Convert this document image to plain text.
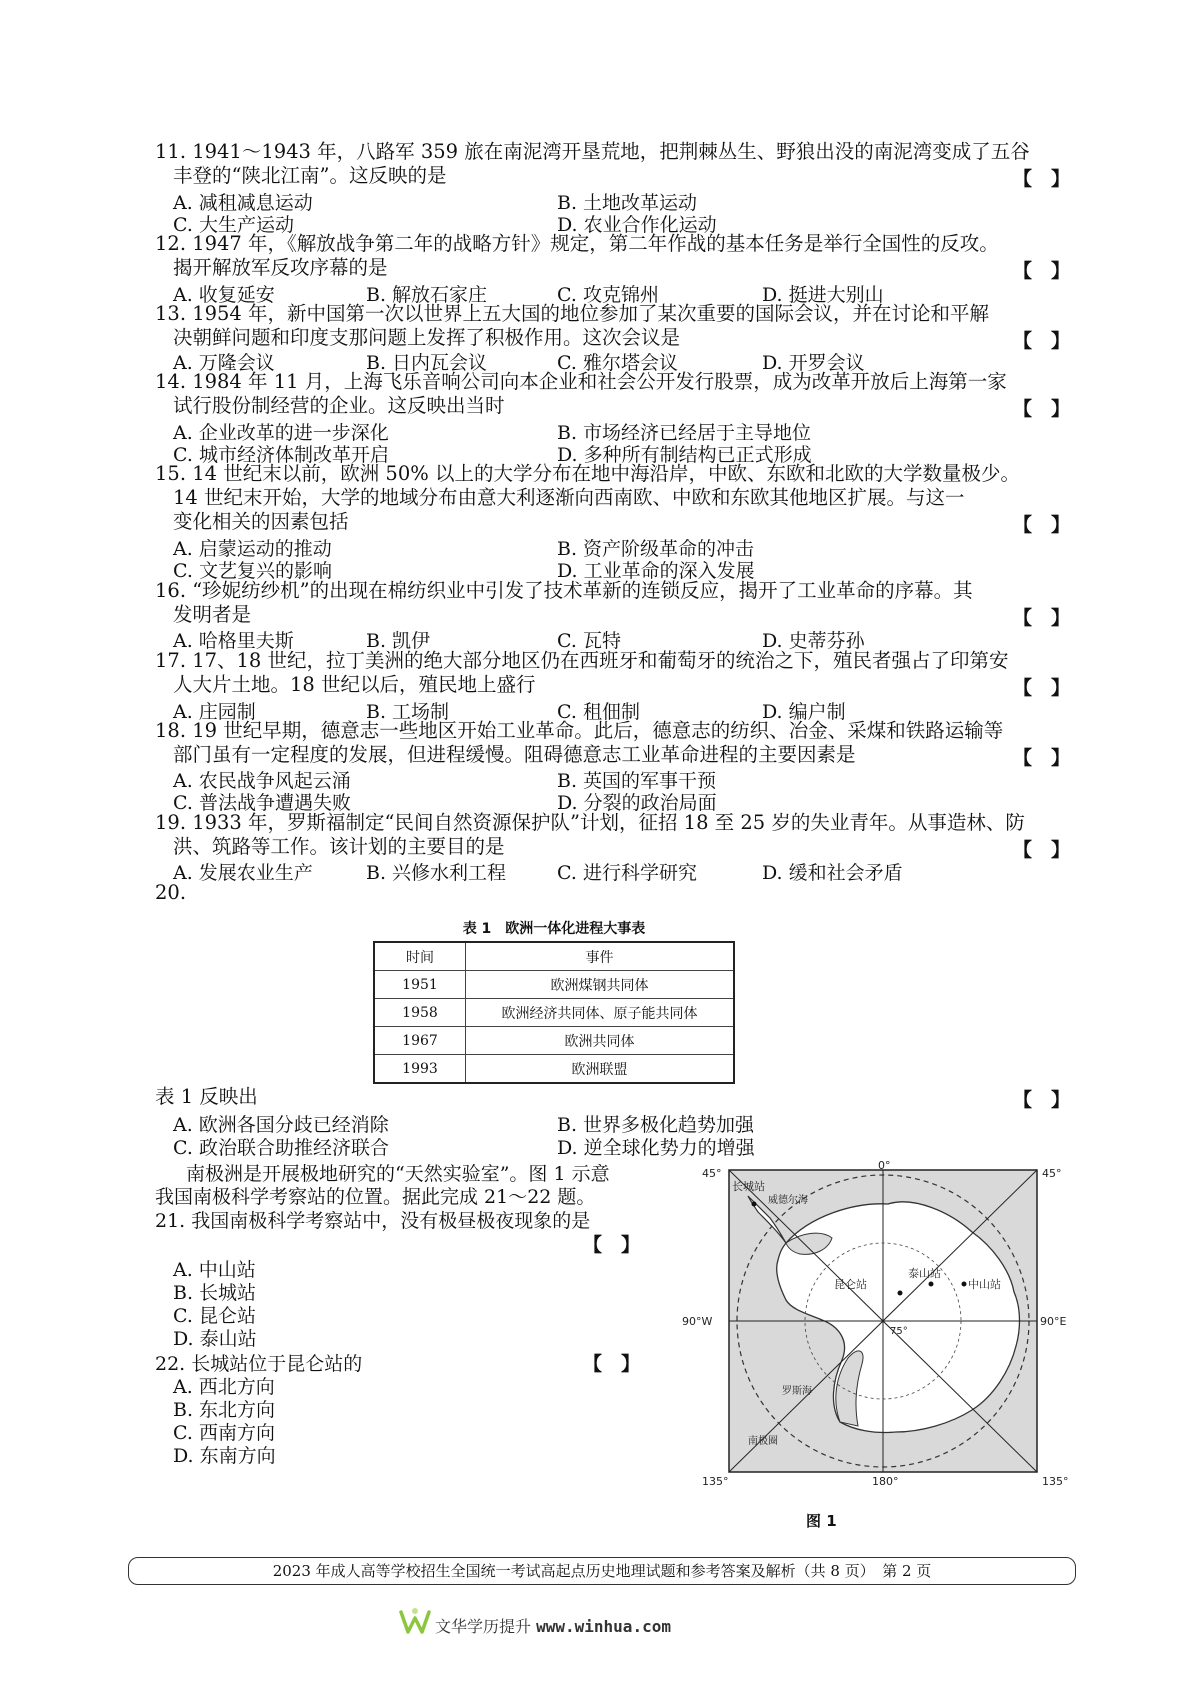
11. 1941～1943 年，八路军 359 旅在南泥湾开垦荒地，把荆棘丛生、野狼出没的南泥湾变成了五谷
丰登的“陕北江南”。这反映的是	【　】
A. 减租减息运动	B. 土地改革运动
C. 大生产运动	D. 农业合作化运动
12. 1947 年，《解放战争第二年的战略方针》规定，第二年作战的基本任务是举行全国性的反攻。
揭开解放军反攻序幕的是	【　】
A. 收复延安	B. 解放石家庄	C. 攻克锦州	D. 挺进大别山
13. 1954 年，新中国第一次以世界上五大国的地位参加了某次重要的国际会议，并在讨论和平解
决朝鲜问题和印度支那问题上发挥了积极作用。这次会议是	【　】
A. 万隆会议	B. 日内瓦会议	C. 雅尔塔会议	D. 开罗会议
14. 1984 年 11 月，上海飞乐音响公司向本企业和社会公开发行股票，成为改革开放后上海第一家
试行股份制经营的企业。这反映出当时	【　】
A. 企业改革的进一步深化	B. 市场经济已经居于主导地位
C. 城市经济体制改革开启	D. 多种所有制结构已正式形成
15. 14 世纪末以前，欧洲 50% 以上的大学分布在地中海沿岸，中欧、东欧和北欧的大学数量极少。
14 世纪末开始，大学的地域分布由意大利逐渐向西南欧、中欧和东欧其他地区扩展。与这一
变化相关的因素包括	【　】
A. 启蒙运动的推动	B. 资产阶级革命的冲击
C. 文艺复兴的影响	D. 工业革命的深入发展
16. “珍妮纺纱机”的出现在棉纺织业中引发了技术革新的连锁反应，揭开了工业革命的序幕。其
发明者是	【　】
A. 哈格里夫斯	B. 凯伊	C. 瓦特	D. 史蒂芬孙
17. 17、18 世纪，拉丁美洲的绝大部分地区仍在西班牙和葡萄牙的统治之下，殖民者强占了印第安
人大片土地。18 世纪以后，殖民地上盛行	【　】
A. 庄园制	B. 工场制	C. 租佃制	D. 编户制
18. 19 世纪早期，德意志一些地区开始工业革命。此后，德意志的纺织、冶金、采煤和铁路运输等
部门虽有一定程度的发展，但进程缓慢。阻碍德意志工业革命进程的主要因素是	【　】
A. 农民战争风起云涌	B. 英国的军事干预
C. 普法战争遭遇失败	D. 分裂的政治局面
19. 1933 年，罗斯福制定“民间自然资源保护队”计划，征招 18 至 25 岁的失业青年。从事造林、防
洪、筑路等工作。该计划的主要目的是	【　】
A. 发展农业生产	B. 兴修水利工程	C. 进行科学研究	D. 缓和社会矛盾
20.
表 1　欧洲一体化进程大事表
时间	事件
1951	欧洲煤钢共同体
1958	欧洲经济共同体、原子能共同体
1967	欧洲共同体
1993	欧洲联盟
表 1 反映出	【　】
A. 欧洲各国分歧已经消除	B. 世界多极化趋势加强
C. 政治联合助推经济联合	D. 逆全球化势力的增强
南极洲是开展极地研究的“天然实验室”。图 1 示意
我国南极科学考察站的位置。据此完成 21～22 题。
21. 我国南极科学考察站中，没有极昼极夜现象的是
【　】
A. 中山站
B. 长城站
C. 昆仑站
D. 泰山站
22. 长城站位于昆仑站的	【　】
A. 西北方向
B. 东北方向
C. 西南方向
D. 东南方向
45°
0°
45°
90°W	90°E
135°	180°	135°
75°
长城站
昆仑站
泰山站
中山站
威德尔海
罗斯海
南极圈
图 1
2023 年成人高等学校招生全国统一考试高起点历史地理试题和参考答案及解析（共 8 页）　第 2 页
文华学历提升 www.winhua.com
